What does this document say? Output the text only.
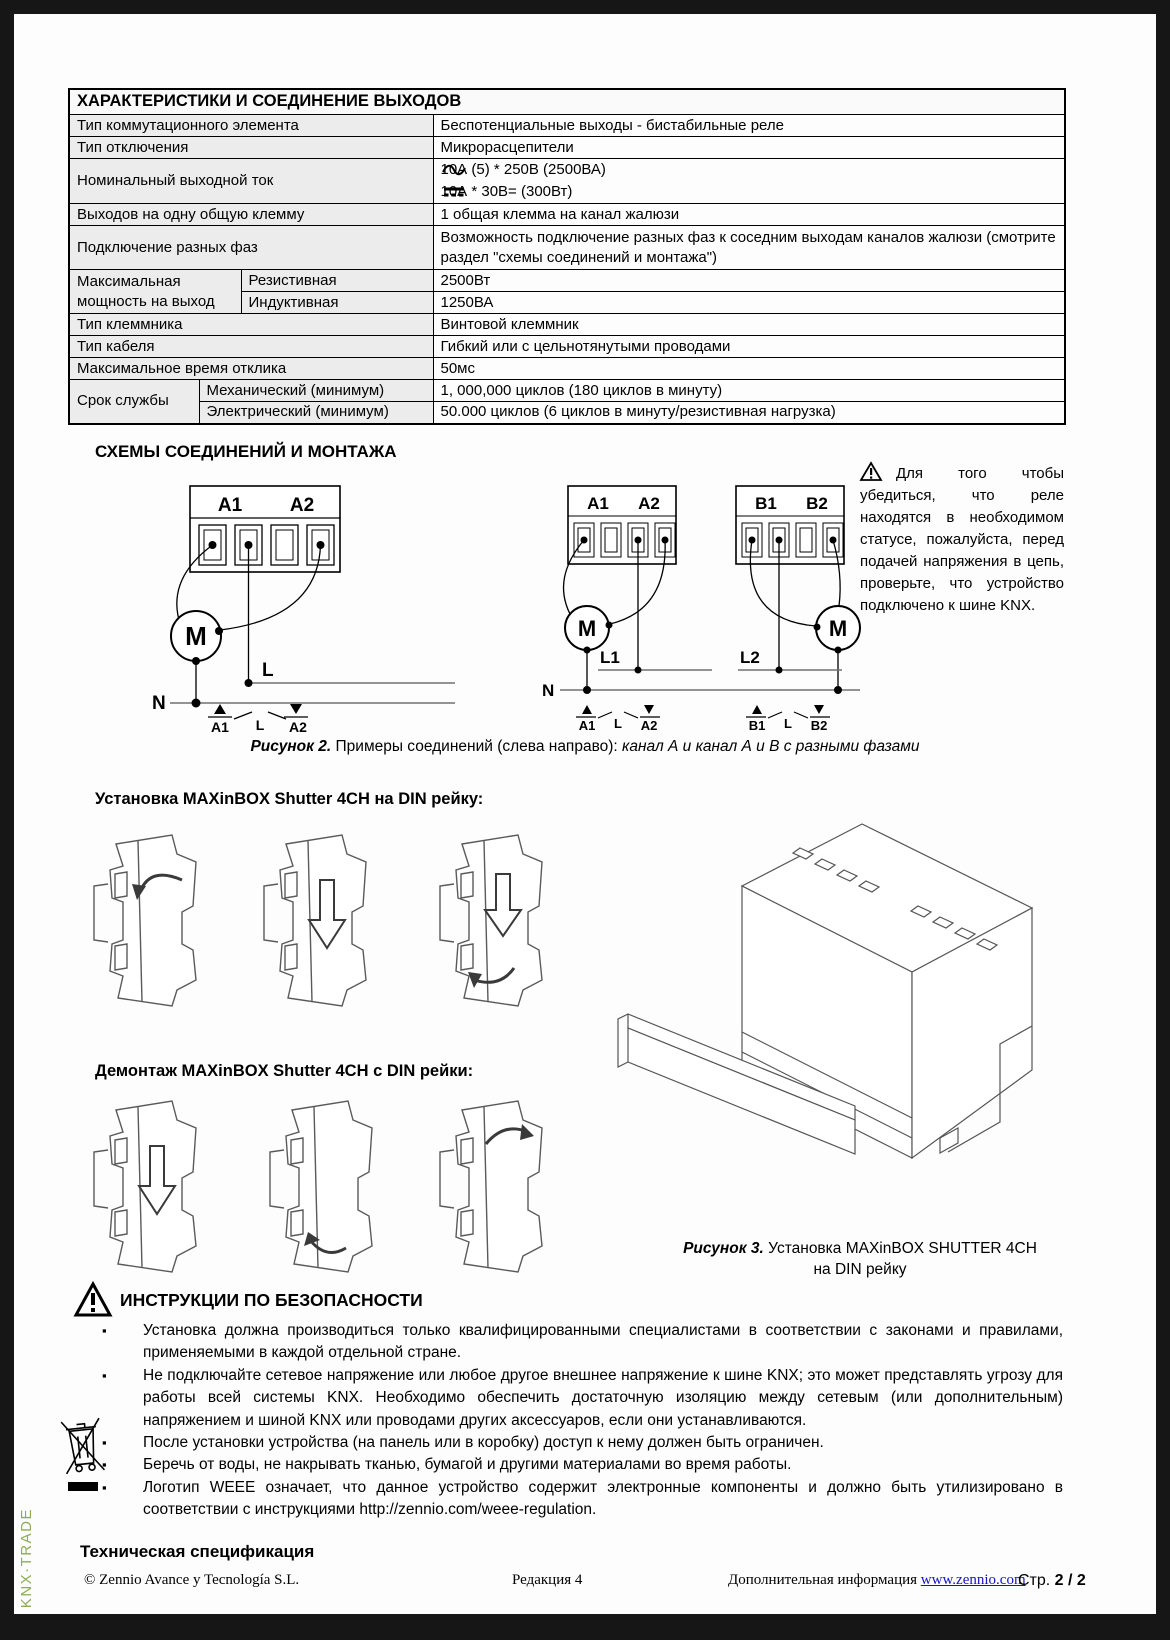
KNX·TRADE
ХАРАКТЕРИСТИКИ И СОЕДИНЕНИЕ ВЫХОДОВ			
Тип коммутационного элемента			Беспотенциальные выходы - бистабильные реле
Тип отключения			Микрорасцепители
Номинальный выходной ток			10А (5) * 250В (2500ВА)
10А * 30В= (300Вт)

Выходов на одну общую клемму			1 общая клемма на канал жалюзи
Подключение разных фаз			Возможность подключение разных фаз к соседним выходам каналов жалюзи (смотрите раздел "схемы соединений и монтажа")
Максимальная мощность на выход		Резистивная	2500Вт
		Индуктивная	1250ВА
Тип клеммника			Винтовой клеммник
Тип кабеля			Гибкий или с цельнотянутыми проводами
Максимальное время отклика			50мс
Срок службы	Механический (минимум)		1, 000,000 циклов (180 циклов в минуту)
	Электрический (минимум)		50.000 циклов (6 циклов в минуту/резистивная нагрузка)
СХЕМЫ СОЕДИНЕНИЙ И МОНТАЖА
A1	A2
M
L
N
A1 L A2
A1 A2	B1 B2
M
L1
M
L2
N
A1 L A2	B1 L B2
Для того чтобы убедиться, что реле находятся в необходимом статусе, пожалуйста, перед подачей напряжения в цепь, проверьте, что устройство подключено к шине KNX.
Рисунок 2. Примеры соединений (слева направо): канал А и канал А и В с разными фазами
Установка MAXinBOX Shutter 4CH на DIN рейку:
Демонтаж MAXinBOX Shutter 4CH с DIN рейки:
Рисунок 3. Установка MAXinBOX SHUTTER 4CH
на DIN рейку
ИНСТРУКЦИИ ПО БЕЗОПАСНОСТИ
▪ Установка должна производиться только квалифицированными специалистами в соответствии с законами и правилами, применяемыми в каждой отдельной стране.
▪ Не подключайте сетевое напряжение или любое другое внешнее напряжение к шине KNX; это может представлять угрозу для работы всей системы KNX. Необходимо обеспечить достаточную изоляцию между сетевым (или дополнительным) напряжением и шиной KNX или проводами других аксессуаров, если они устанавливаются.
▪ После установки устройства (на панель или в коробку) доступ к нему должен быть ограничен.
▪ Беречь от воды, не накрывать тканью, бумагой и другими материалами во время работы.
▪ Логотип WEEE означает, что данное устройство содержит электронные компоненты и должно быть утилизировано в соответствии с инструкциями http://zennio.com/weee-regulation.
Техническая спецификация
© Zennio Avance y Tecnología S.L.	Редакция 4	Дополнительная информация www.zennio.com
Стр. 2 / 2
